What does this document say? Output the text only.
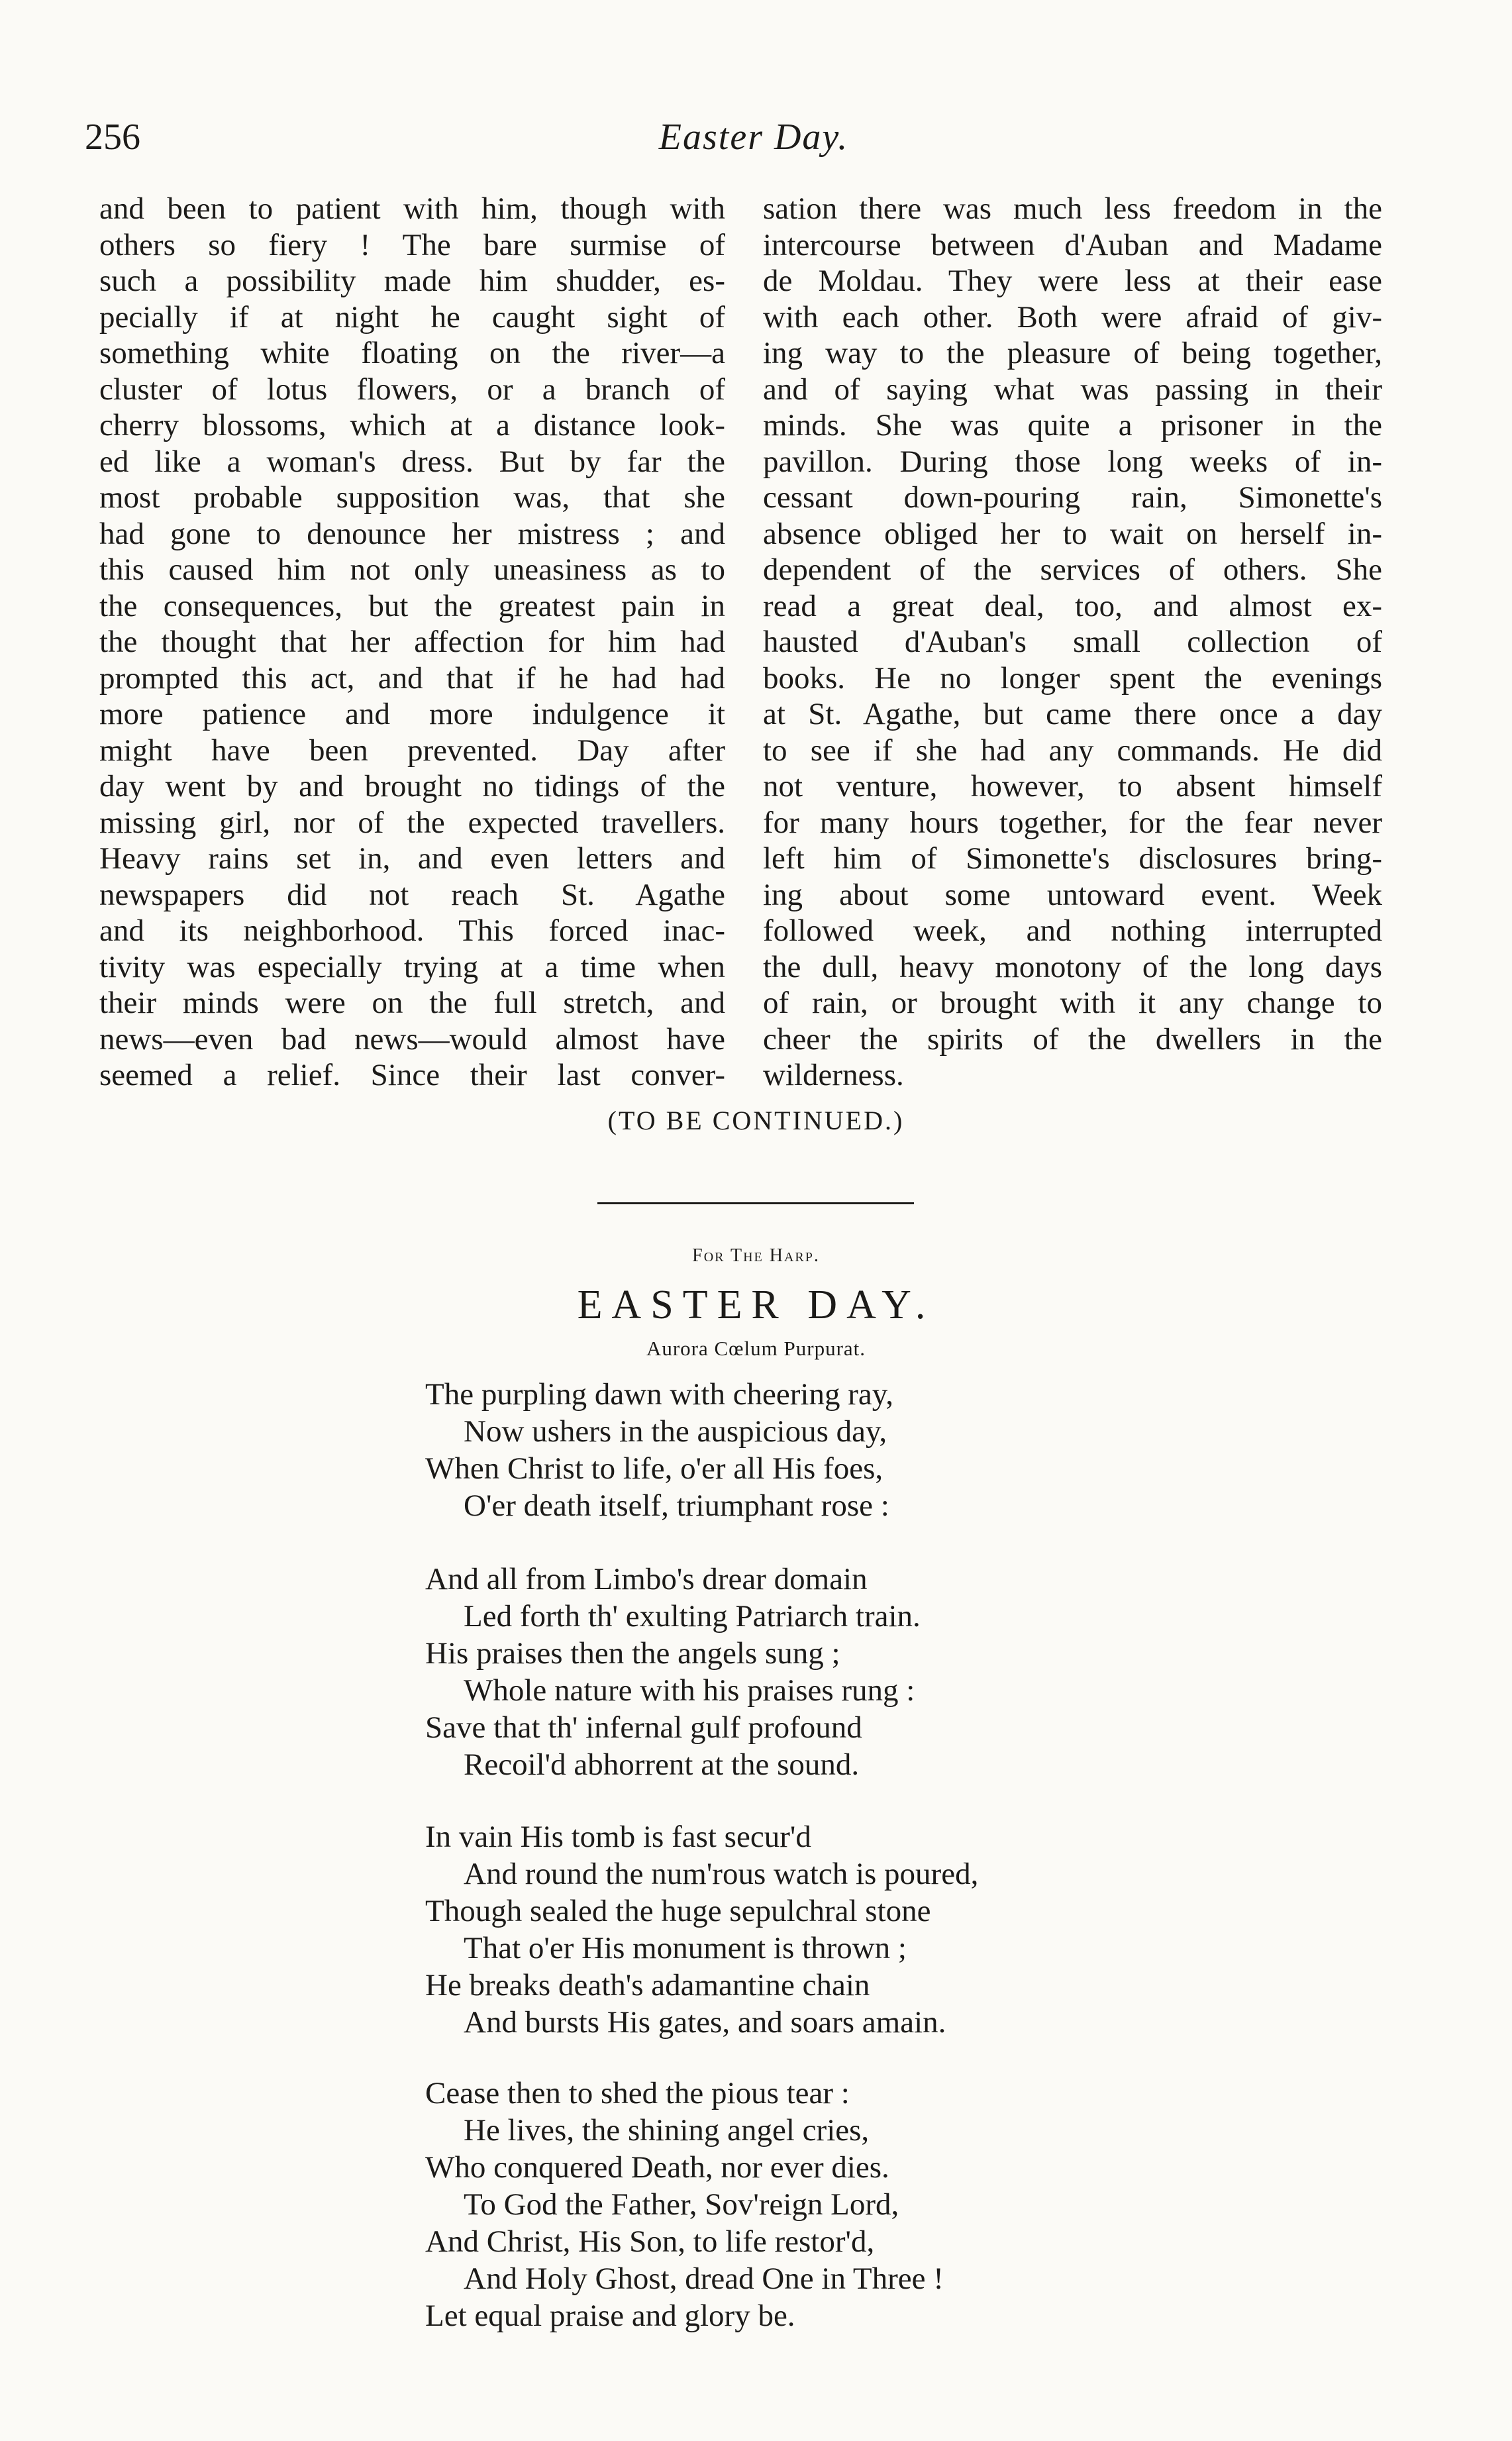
256	Easter Day.
and been to patient with him, though with
others so fiery ! The bare surmise of
such a possibility made him shudder, es-
pecially if at night he caught sight of
something white floating on the river—a
cluster of lotus flowers, or a branch of
cherry blossoms, which at a distance look-
ed like a woman's dress. But by far the
most probable supposition was, that she
had gone to denounce her mistress ; and
this caused him not only uneasiness as to
the consequences, but the greatest pain in
the thought that her affection for him had
prompted this act, and that if he had had
more patience and more indulgence it
might have been prevented. Day after
day went by and brought no tidings of the
missing girl, nor of the expected travellers.
Heavy rains set in, and even letters and
newspapers did not reach St. Agathe
and its neighborhood. This forced inac-
tivity was especially trying at a time when
their minds were on the full stretch, and
news—even bad news—would almost have
seemed a relief. Since their last conver-
sation there was much less freedom in the
intercourse between d'Auban and Madame
de Moldau. They were less at their ease
with each other. Both were afraid of giv-
ing way to the pleasure of being together,
and of saying what was passing in their
minds. She was quite a prisoner in the
pavillon. During those long weeks of in-
cessant down-pouring rain, Simonette's
absence obliged her to wait on herself in-
dependent of the services of others. She
read a great deal, too, and almost ex-
hausted d'Auban's small collection of
books. He no longer spent the evenings
at St. Agathe, but came there once a day
to see if she had any commands. He did
not venture, however, to absent himself
for many hours together, for the fear never
left him of Simonette's disclosures bring-
ing about some untoward event. Week
followed week, and nothing interrupted
the dull, heavy monotony of the long days
of rain, or brought with it any change to
cheer the spirits of the dwellers in the
wilderness.
(TO BE CONTINUED.)
For The Harp.
EASTER DAY.
Aurora Cœlum Purpurat.
The purpling dawn with cheering ray,
Now ushers in the auspicious day,
When Christ to life, o'er all His foes,
O'er death itself, triumphant rose :
And all from Limbo's drear domain
Led forth th' exulting Patriarch train.
His praises then the angels sung ;
Whole nature with his praises rung :
Save that th' infernal gulf profound
Recoil'd abhorrent at the sound.
In vain His tomb is fast secur'd
And round the num'rous watch is poured,
Though sealed the huge sepulchral stone
That o'er His monument is thrown ;
He breaks death's adamantine chain
And bursts His gates, and soars amain.
Cease then to shed the pious tear :
He lives, the shining angel cries,
Who conquered Death, nor ever dies.
To God the Father, Sov'reign Lord,
And Christ, His Son, to life restor'd,
And Holy Ghost, dread One in Three !
Let equal praise and glory be.
